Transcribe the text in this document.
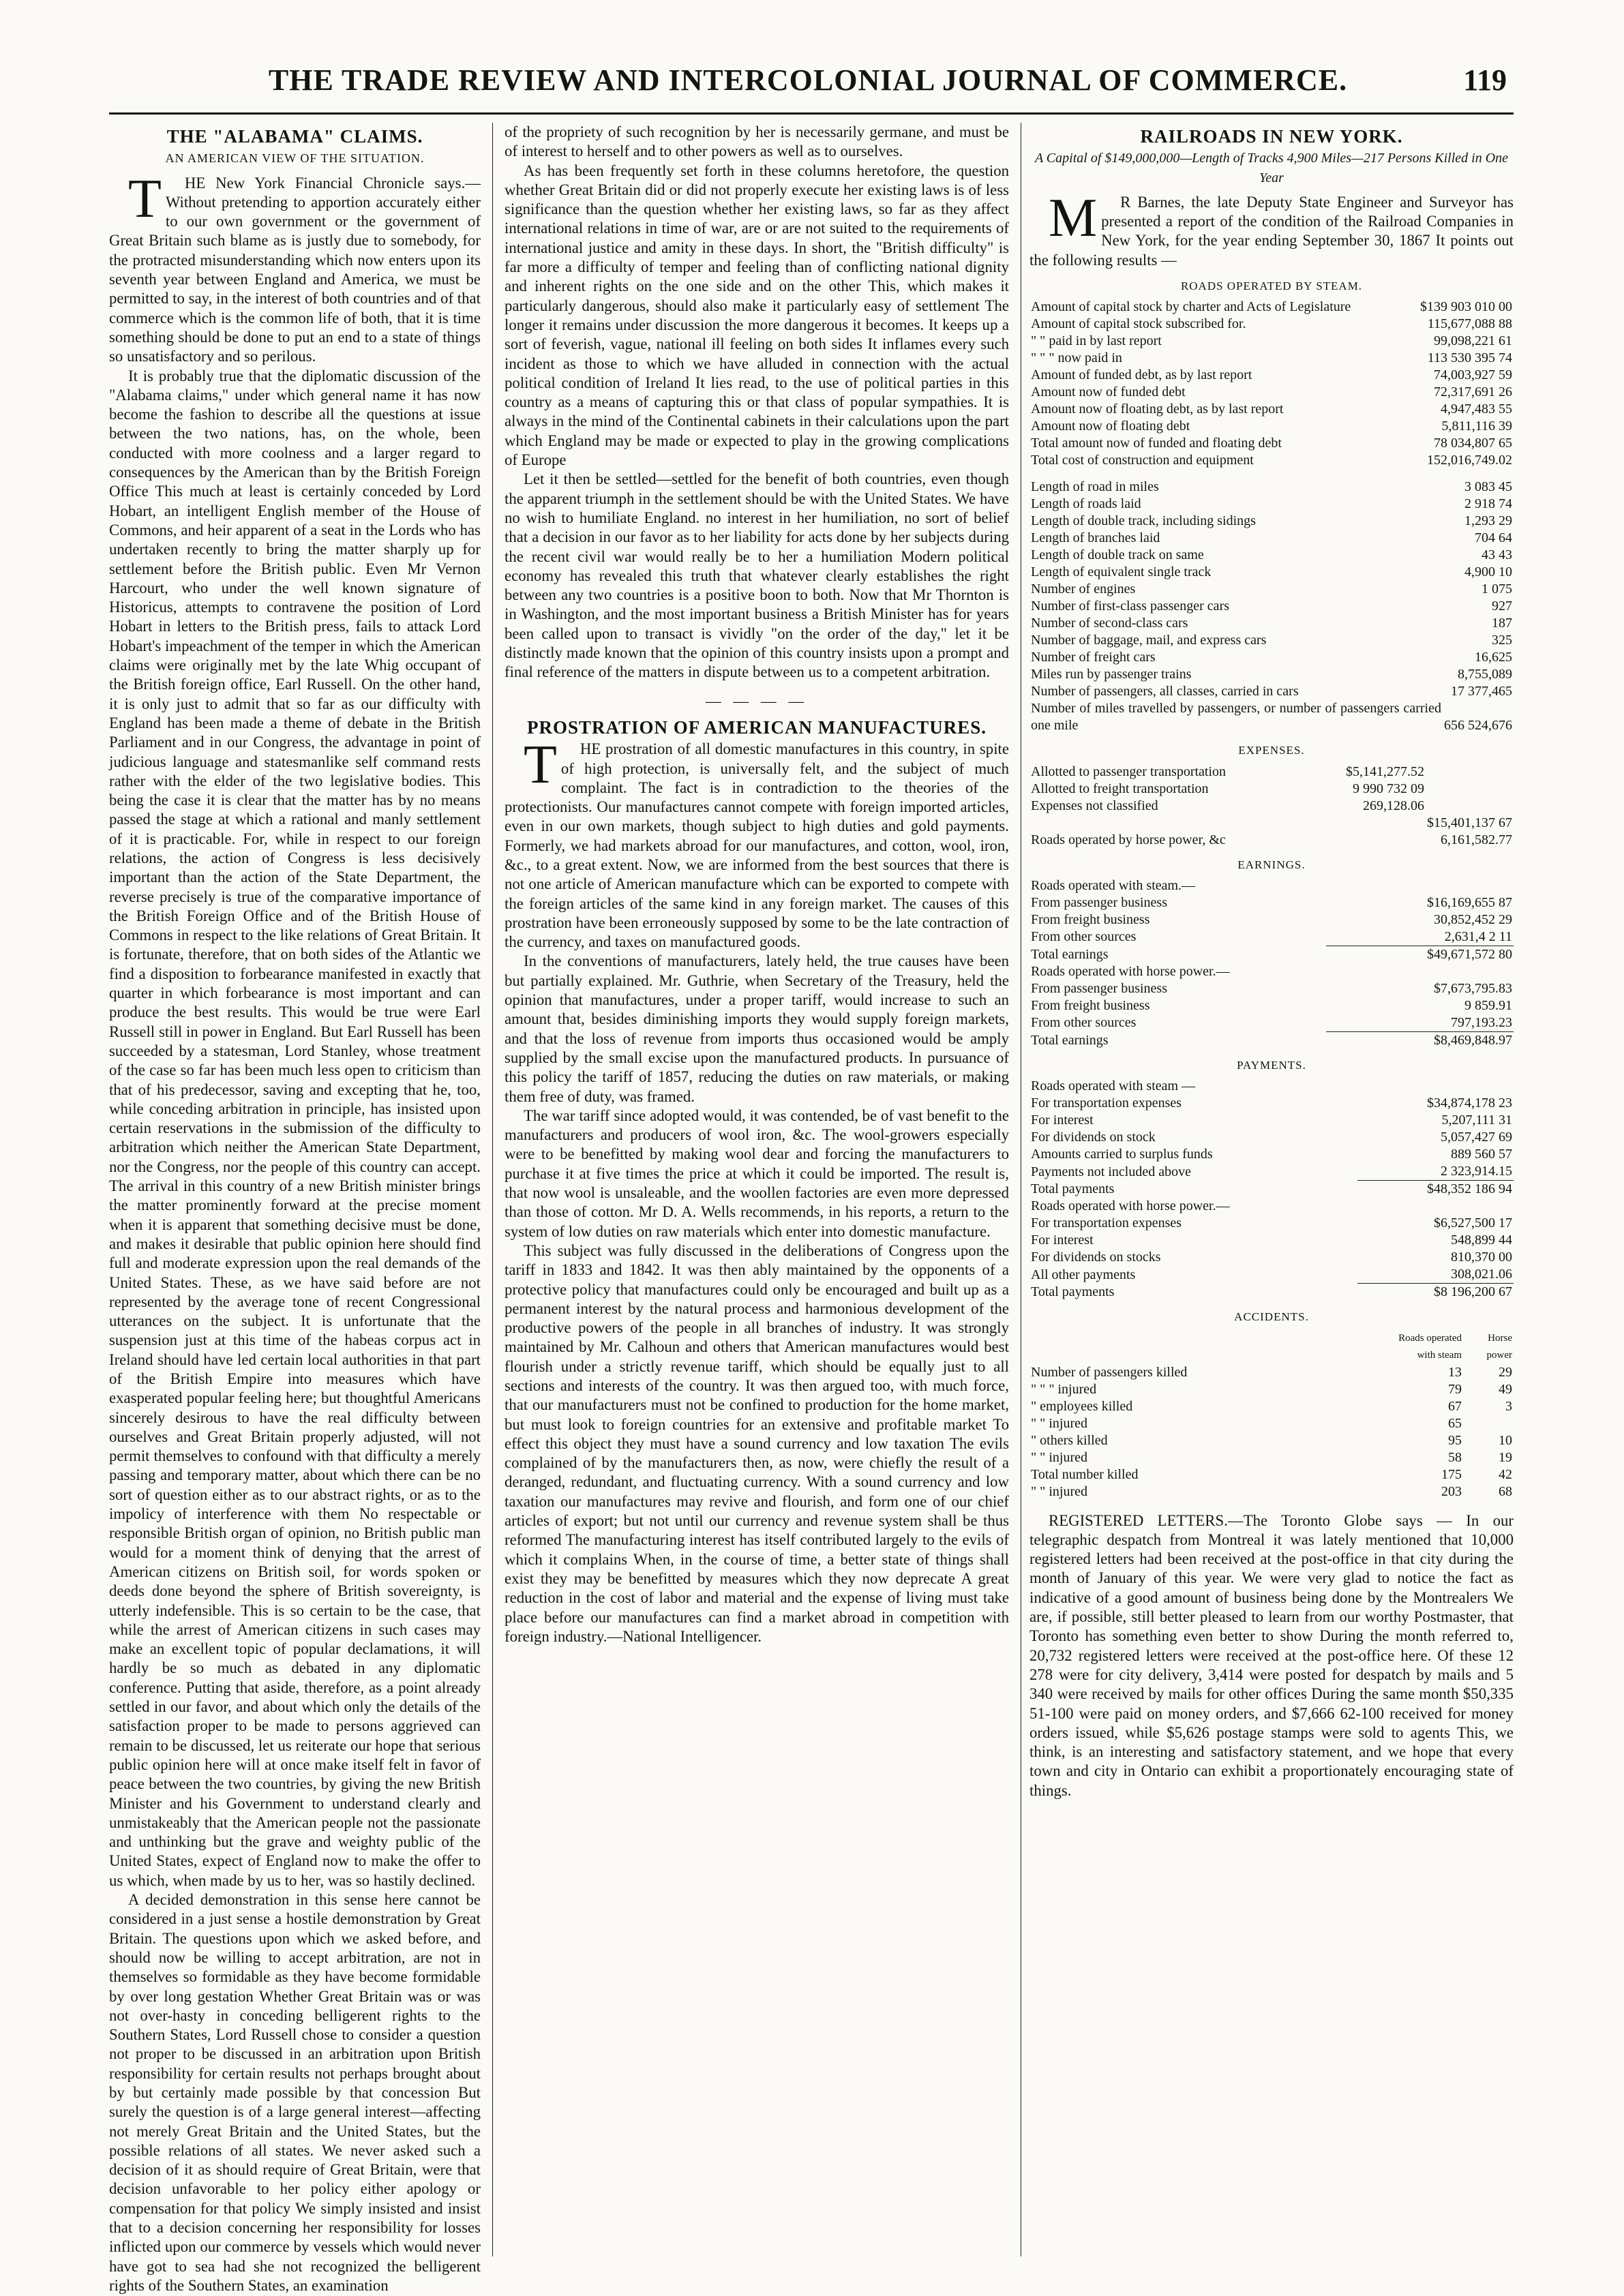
THE TRADE REVIEW AND INTERCOLONIAL JOURNAL OF COMMERCE.	119
THE "ALABAMA" CLAIMS.
AN AMERICAN VIEW OF THE SITUATION.

THE New York Financial Chronicle says.—Without pretending to apportion accurately either to our own government or the government of Great Britain such blame as is justly due to somebody, for the protracted misunderstanding which now enters upon its seventh year between England and America, we must be permitted to say, in the interest of both countries and of that commerce which is the common life of both, that it is time something should be done to put an end to a state of things so unsatisfactory and so perilous.

It is probably true that the diplomatic discussion of the "Alabama claims," under which general name it has now become the fashion to describe all the questions at issue between the two nations, has, on the whole, been conducted with more coolness and a larger regard to consequences by the American than by the British Foreign Office This much at least is certainly conceded by Lord Hobart, an intelligent English member of the House of Commons, and heir apparent of a seat in the Lords who has undertaken recently to bring the matter sharply up for settlement before the British public. Even Mr Vernon Harcourt, who under the well known signature of Historicus, attempts to contravene the position of Lord Hobart in letters to the British press, fails to attack Lord Hobart's impeachment of the temper in which the American claims were originally met by the late Whig occupant of the British foreign office, Earl Russell. On the other hand, it is only just to admit that so far as our difficulty with England has been made a theme of debate in the British Parliament and in our Congress, the advantage in point of judicious language and statesmanlike self command rests rather with the elder of the two legislative bodies. This being the case it is clear that the matter has by no means passed the stage at which a rational and manly settlement of it is practicable. For, while in respect to our foreign relations, the action of Congress is less decisively important than the action of the State Department, the reverse precisely is true of the comparative importance of the British Foreign Office and of the British House of Commons in respect to the like relations of Great Britain. It is fortunate, therefore, that on both sides of the Atlantic we find a disposition to forbearance manifested in exactly that quarter in which forbearance is most important and can produce the best results. This would be true were Earl Russell still in power in England. But Earl Russell has been succeeded by a statesman, Lord Stanley, whose treatment of the case so far has been much less open to criticism than that of his predecessor, saving and excepting that he, too, while conceding arbitration in principle, has insisted upon certain reservations in the submission of the difficulty to arbitration which neither the American State Department, nor the Congress, nor the people of this country can accept. The arrival in this country of a new British minister brings the matter prominently forward at the precise moment when it is apparent that something decisive must be done, and makes it desirable that public opinion here should find full and moderate expression upon the real demands of the United States. These, as we have said before are not represented by the average tone of recent Congressional utterances on the subject. It is unfortunate that the suspension just at this time of the habeas corpus act in Ireland should have led certain local authorities in that part of the British Empire into measures which have exasperated popular feeling here; but thoughtful Americans sincerely desirous to have the real difficulty between ourselves and Great Britain properly adjusted, will not permit themselves to confound with that difficulty a merely passing and temporary matter, about which there can be no sort of question either as to our abstract rights, or as to the impolicy of interference with them No respectable or responsible British organ of opinion, no British public man would for a moment think of denying that the arrest of American citizens on British soil, for words spoken or deeds done beyond the sphere of British sovereignty, is utterly indefensible. This is so certain to be the case, that while the arrest of American citizens in such cases may make an excellent topic of popular declamations, it will hardly be so much as debated in any diplomatic conference. Putting that aside, therefore, as a point already settled in our favor, and about which only the details of the satisfaction proper to be made to persons aggrieved can remain to be discussed, let us reiterate our hope that serious public opinion here will at once make itself felt in favor of peace between the two countries, by giving the new British Minister and his Government to understand clearly and unmistakeably that the American people not the passionate and unthinking but the grave and weighty public of the United States, expect of England now to make the offer to us which, when made by us to her, was so hastily declined.

A decided demonstration in this sense here cannot be considered in a just sense a hostile demonstration by Great Britain. The questions upon which we asked before, and should now be willing to accept arbitration, are not in themselves so formidable as they have become formidable by over long gestation Whether Great Britain was or was not over-hasty in conceding belligerent rights to the Southern States, Lord Russell chose to consider a question not proper to be discussed in an arbitration upon British responsibility for certain results not perhaps brought about by but certainly made possible by that concession But surely the question is of a large general interest—affecting not merely Great Britain and the United States, but the possible relations of all states. We never asked such a decision of it as should require of Great Britain, were that decision unfavorable to her policy either apology or compensation for that policy We simply insisted and insist that to a decision concerning her responsibility for losses inflicted upon our commerce by vessels which would never have got to sea had she not recognized the belligerent rights of the Southern States, an examination

of the propriety of such recognition by her is necessarily germane, and must be of interest to herself and to other powers as well as to ourselves.

As has been frequently set forth in these columns heretofore, the question whether Great Britain did or did not properly execute her existing laws is of less significance than the question whether her existing laws, so far as they affect international relations in time of war, are or are not suited to the requirements of international justice and amity in these days. In short, the "British difficulty" is far more a difficulty of temper and feeling than of conflicting national dignity and inherent rights on the one side and on the other This, which makes it particularly dangerous, should also make it particularly easy of settlement The longer it remains under discussion the more dangerous it becomes. It keeps up a sort of feverish, vague, national ill feeling on both sides It inflames every such incident as those to which we have alluded in connection with the actual political condition of Ireland It lies read, to the use of political parties in this country as a means of capturing this or that class of popular sympathies. It is always in the mind of the Continental cabinets in their calculations upon the part which England may be made or expected to play in the growing complications of Europe

Let it then be settled—settled for the benefit of both countries, even though the apparent triumph in the settlement should be with the United States. We have no wish to humiliate England. no interest in her humiliation, no sort of belief that a decision in our favor as to her liability for acts done by her subjects during the recent civil war would really be to her a humiliation Modern political economy has revealed this truth that whatever clearly establishes the right between any two countries is a positive boon to both. Now that Mr Thornton is in Washington, and the most important business a British Minister has for years been called upon to transact is vividly "on the order of the day," let it be distinctly made known that the opinion of this country insists upon a prompt and final reference of the matters in dispute between us to a competent arbitration.

— — — —
PROSTRATION OF AMERICAN MANUFACTURES.

THE prostration of all domestic manufactures in this country, in spite of high protection, is universally felt, and the subject of much complaint. The fact is in contradiction to the theories of the protectionists. Our manufactures cannot compete with foreign imported articles, even in our own markets, though subject to high duties and gold payments. Formerly, we had markets abroad for our manufactures, and cotton, wool, iron, &c., to a great extent. Now, we are informed from the best sources that there is not one article of American manufacture which can be exported to compete with the foreign articles of the same kind in any foreign market. The causes of this prostration have been erroneously supposed by some to be the late contraction of the currency, and taxes on manufactured goods.

In the conventions of manufacturers, lately held, the true causes have been but partially explained. Mr. Guthrie, when Secretary of the Treasury, held the opinion that manufactures, under a proper tariff, would increase to such an amount that, besides diminishing imports they would supply foreign markets, and that the loss of revenue from imports thus occasioned would be amply supplied by the small excise upon the manufactured products. In pursuance of this policy the tariff of 1857, reducing the duties on raw materials, or making them free of duty, was framed.

The war tariff since adopted would, it was contended, be of vast benefit to the manufacturers and producers of wool iron, &c. The wool-growers especially were to be benefitted by making wool dear and forcing the manufacturers to purchase it at five times the price at which it could be imported. The result is, that now wool is unsaleable, and the woollen factories are even more depressed than those of cotton. Mr D. A. Wells recommends, in his reports, a return to the system of low duties on raw materials which enter into domestic manufacture.

This subject was fully discussed in the deliberations of Congress upon the tariff in 1833 and 1842. It was then ably maintained by the opponents of a protective policy that manufactures could only be encouraged and built up as a permanent interest by the natural process and harmonious development of the productive powers of the people in all branches of industry. It was strongly maintained by Mr. Calhoun and others that American manufactures would best flourish under a strictly revenue tariff, which should be equally just to all sections and interests of the country. It was then argued too, with much force, that our manufacturers must not be confined to production for the home market, but must look to foreign countries for an extensive and profitable market To effect this object they must have a sound currency and low taxation The evils complained of by the manufacturers then, as now, were chiefly the result of a deranged, redundant, and fluctuating currency. With a sound currency and low taxation our manufactures may revive and flourish, and form one of our chief articles of export; but not until our currency and revenue system shall be thus reformed The manufacturing interest has itself contributed largely to the evils of which it complains When, in the course of time, a better state of things shall exist they may be benefitted by measures which they now deprecate A great reduction in the cost of labor and material and the expense of living must take place before our manufactures can find a market abroad in competition with foreign industry.—National Intelligencer.

RAILROADS IN NEW YORK.
A Capital of $149,000,000—Length of Tracks 4,900 Miles—217 Persons Killed in One Year

MR Barnes, the late Deputy State Engineer and Surveyor has presented a report of the condition of the Railroad Companies in New York, for the year ending September 30, 1867 It points out the following results —

ROADS OPERATED BY STEAM.
Amount of capital stock by charter and Acts of Legislature	$139 903 010 00
Amount of capital stock subscribed for.	115,677,088 88
" " paid in by last report	99,098,221 61
" " " now paid in	113 530 395 74
Amount of funded debt, as by last report	74,003,927 59
Amount now of funded debt	72,317,691 26
Amount now of floating debt, as by last report	4,947,483 55
Amount now of floating debt	5,811,116 39
Total amount now of funded and floating debt	78 034,807 65
Total cost of construction and equipment	152,016,749.02
Length of road in miles	3 083 45
Length of roads laid	2 918 74
Length of double track, including sidings	1,293 29
Length of branches laid	704 64
Length of double track on same	43 43
Length of equivalent single track	4,900 10
Number of engines	1 075
Number of first-class passenger cars	927
Number of second-class cars	187
Number of baggage, mail, and express cars	325
Number of freight cars	16,625
Miles run by passenger trains	8,755,089
Number of passengers, all classes, carried in cars	17 377,465
Number of miles travelled by passengers, or number of passengers carried one mile	656 524,676
EXPENSES.
Allotted to passenger transportation	$5,141,277.52	
Allotted to freight transportation	9 990 732 09	
Expenses not classified	269,128.06	
		$15,401,137 67
Roads operated by horse power, &c		6,161,582.77
EARNINGS.
Roads operated with steam.—	
From passenger business	$16,169,655 87
From freight business	30,852,452 29
From other sources	2,631,4 2 11
Total earnings	$49,671,572 80
Roads operated with horse power.—	
From passenger business	$7,673,795.83
From freight business	9 859.91
From other sources	797,193.23
Total earnings	$8,469,848.97
PAYMENTS.
Roads operated with steam —	
For transportation expenses	$34,874,178 23
For interest	5,207,111 31
For dividends on stock	5,057,427 69
Amounts carried to surplus funds	889 560 57
Payments not included above	2 323,914.15
Total payments	$48,352 186 94
Roads operated with horse power.—	
For transportation expenses	$6,527,500 17
For interest	548,899 44
For dividends on stocks	810,370 00
All other payments	308,021.06
Total payments	$8 196,200 67
ACCIDENTS.
	Roads operated with steam	Horse power
Number of passengers killed	13	29
" " " injured	79	49
" employees killed	67	3
" " injured	65	
" others killed	95	10
" " injured	58	19
Total number killed	175	42
" " injured	203	68

REGISTERED LETTERS.—The Toronto Globe says — In our telegraphic despatch from Montreal it was lately mentioned that 10,000 registered letters had been received at the post-office in that city during the month of January of this year. We were very glad to notice the fact as indicative of a good amount of business being done by the Montrealers We are, if possible, still better pleased to learn from our worthy Postmaster, that Toronto has something even better to show During the month referred to, 20,732 registered letters were received at the post-office here. Of these 12 278 were for city delivery, 3,414 were posted for despatch by mails and 5 340 were received by mails for other offices During the same month $50,335 51-100 were paid on money orders, and $7,666 62-100 received for money orders issued, while $5,626 postage stamps were sold to agents This, we think, is an interesting and satisfactory statement, and we hope that every town and city in Ontario can exhibit a proportionately encouraging state of things.
